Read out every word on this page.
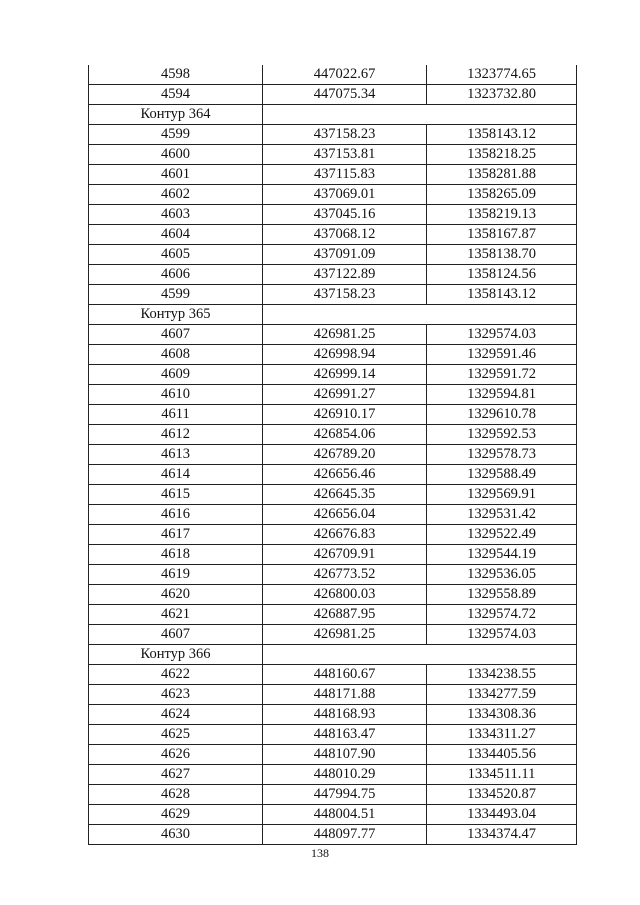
4598	447022.67	1323774.65
4594	447075.34	1323732.80
Контур 364		
4599	437158.23	1358143.12
4600	437153.81	1358218.25
4601	437115.83	1358281.88
4602	437069.01	1358265.09
4603	437045.16	1358219.13
4604	437068.12	1358167.87
4605	437091.09	1358138.70
4606	437122.89	1358124.56
4599	437158.23	1358143.12
Контур 365		
4607	426981.25	1329574.03
4608	426998.94	1329591.46
4609	426999.14	1329591.72
4610	426991.27	1329594.81
4611	426910.17	1329610.78
4612	426854.06	1329592.53
4613	426789.20	1329578.73
4614	426656.46	1329588.49
4615	426645.35	1329569.91
4616	426656.04	1329531.42
4617	426676.83	1329522.49
4618	426709.91	1329544.19
4619	426773.52	1329536.05
4620	426800.03	1329558.89
4621	426887.95	1329574.72
4607	426981.25	1329574.03
Контур 366		
4622	448160.67	1334238.55
4623	448171.88	1334277.59
4624	448168.93	1334308.36
4625	448163.47	1334311.27
4626	448107.90	1334405.56
4627	448010.29	1334511.11
4628	447994.75	1334520.87
4629	448004.51	1334493.04
4630	448097.77	1334374.47
138
